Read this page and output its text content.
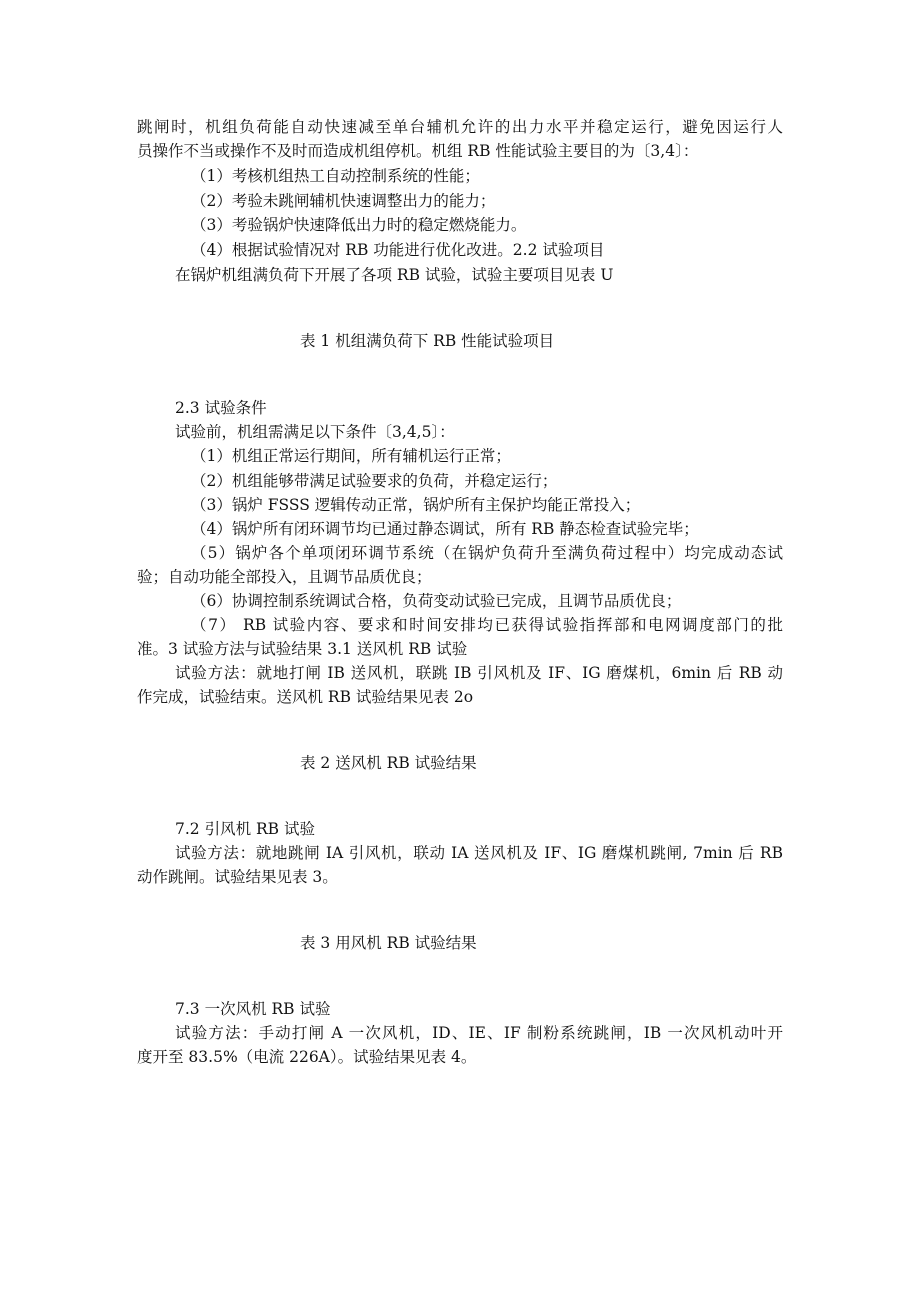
跳闸时，机组负荷能自动快速减至单台辅机允许的出力水平并稳定运行，避免因运行人

员操作不当或操作不及时而造成机组停机。机组 RB 性能试验主要目的为〔3,4〕：

（1）考核机组热工自动控制系统的性能；

（2）考验未跳闸辅机快速调整出力的能力；

（3）考验锅炉快速降低出力时的稳定燃烧能力。

（4）根据试验情况对 RB 功能进行优化改进。2.2 试验项目

在锅炉机组满负荷下开展了各项 RB 试验，试验主要项目见表 U

表 1 机组满负荷下 RB 性能试验项目

2.3 试验条件

试验前，机组需满足以下条件〔3,4,5〕：

（1）机组正常运行期间，所有辅机运行正常；

（2）机组能够带满足试验要求的负荷，并稳定运行；

（3）锅炉 FSSS 逻辑传动正常，锅炉所有主保护均能正常投入；

（4）锅炉所有闭环调节均已通过静态调试，所有 RB 静态检查试验完毕；

（5）锅炉各个单项闭环调节系统（在锅炉负荷升至满负荷过程中）均完成动态试

验；自动功能全部投入，且调节品质优良；

（6）协调控制系统调试合格，负荷变动试验已完成，且调节品质优良；

（7） RB 试验内容、要求和时间安排均已获得试验指挥部和电网调度部门的批

准。3 试验方法与试验结果 3.1 送风机 RB 试验

试验方法：就地打闸 IB 送风机，联跳 IB 引风机及 IF、IG 磨煤机，6min 后 RB 动

作完成，试验结束。送风机 RB 试验结果见表 2o

表 2 送风机 RB 试验结果

7.2 引风机 RB 试验

试验方法：就地跳闸 IA 引风机，联动 IA 送风机及 IF、IG 磨煤机跳闸, 7min 后 RB

动作跳闸。试验结果见表 3。

表 3 用风机 RB 试验结果

7.3 一次风机 RB 试验

试验方法：手动打闸 A 一次风机，ID、IE、IF 制粉系统跳闸，IB 一次风机动叶开

度开至 83.5%（电流 226A）。试验结果见表 4。
